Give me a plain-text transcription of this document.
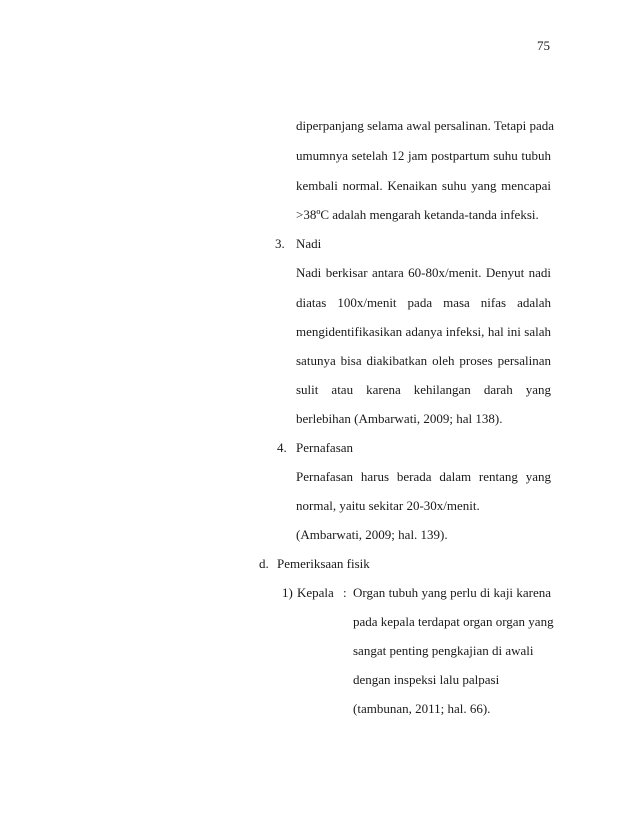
75
diperpanjang selama awal persalinan. Tetapi pada
umumnya setelah 12 jam postpartum suhu tubuh
kembali normal. Kenaikan suhu yang mencapai
>38ºC adalah mengarah ketanda-tanda infeksi.
3. Nadi
Nadi berkisar antara 60-80x/menit. Denyut nadi
diatas 100x/menit pada masa nifas adalah
mengidentifikasikan adanya infeksi, hal ini salah
satunya bisa diakibatkan oleh proses persalinan
sulit atau karena kehilangan darah yang
berlebihan (Ambarwati, 2009; hal 138).
4. Pernafasan
Pernafasan harus berada dalam rentang yang
normal, yaitu sekitar 20-30x/menit.
(Ambarwati, 2009; hal. 139).
d. Pemeriksaan fisik
1) Kepala : Organ tubuh yang perlu di kaji karena
pada kepala terdapat organ organ yang
sangat penting pengkajian di awali
dengan inspeksi lalu palpasi
(tambunan, 2011; hal. 66).
